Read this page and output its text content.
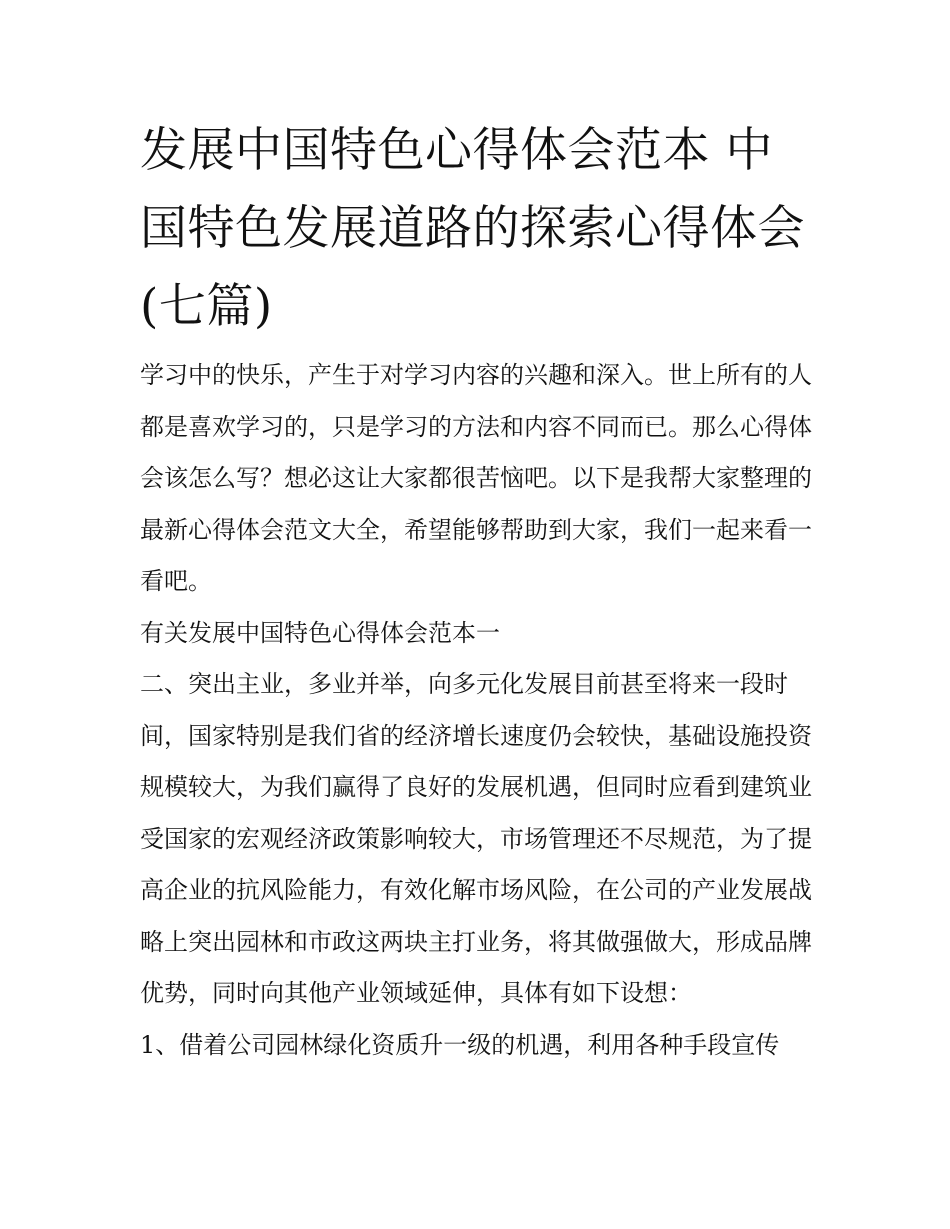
发展中国特色心得体会范本 中国特色发展道路的探索心得体会(七篇)

学习中的快乐，产生于对学习内容的兴趣和深入。世上所有的人都是喜欢学习的，只是学习的方法和内容不同而已。那么心得体会该怎么写？想必这让大家都很苦恼吧。以下是我帮大家整理的最新心得体会范文大全，希望能够帮助到大家，我们一起来看一看吧。

有关发展中国特色心得体会范本一

二、突出主业，多业并举，向多元化发展目前甚至将来一段时间，国家特别是我们省的经济增长速度仍会较快，基础设施投资规模较大，为我们赢得了良好的发展机遇，但同时应看到建筑业受国家的宏观经济政策影响较大，市场管理还不尽规范，为了提高企业的抗风险能力，有效化解市场风险，在公司的产业发展战略上突出园林和市政这两块主打业务，将其做强做大，形成品牌优势，同时向其他产业领域延伸，具体有如下设想：

1、借着公司园林绿化资质升一级的机遇，利用各种手段宣传
